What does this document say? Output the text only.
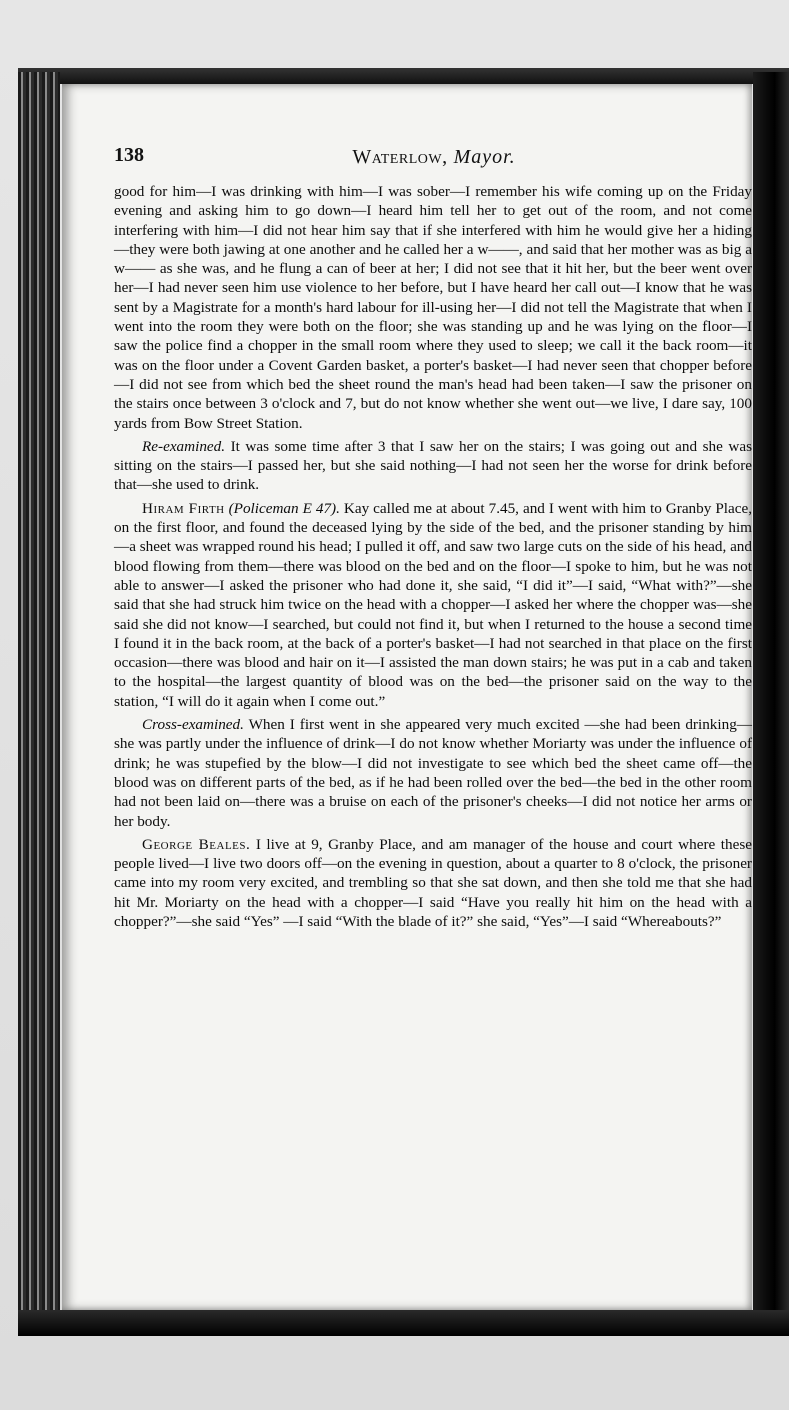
138	Waterlow, Mayor.

good for him—I was drinking with him—I was sober—I remember his wife coming up on the Friday evening and asking him to go down—I heard him tell her to get out of the room, and not come interfering with him—I did not hear him say that if she interfered with him he would give her a hiding —they were both jawing at one another and he called her a w——, and said that her mother was as big a w—— as she was, and he flung a can of beer at her; I did not see that it hit her, but the beer went over her—I had never seen him use violence to her before, but I have heard her call out—I know that he was sent by a Magistrate for a month's hard labour for ill-using her—I did not tell the Magistrate that when I went into the room they were both on the floor; she was standing up and he was lying on the floor—I saw the police find a chopper in the small room where they used to sleep; we call it the back room—it was on the floor under a Covent Garden basket, a porter's basket—I had never seen that chopper before—I did not see from which bed the sheet round the man's head had been taken—I saw the prisoner on the stairs once between 3 o'clock and 7, but do not know whether she went out—we live, I dare say, 100 yards from Bow Street Station.

Re-examined. It was some time after 3 that I saw her on the stairs; I was going out and she was sitting on the stairs—I passed her, but she said nothing—I had not seen her the worse for drink before that—she used to drink.

Hiram Firth (Policeman E 47). Kay called me at about 7.45, and I went with him to Granby Place, on the first floor, and found the deceased lying by the side of the bed, and the prisoner standing by him—a sheet was wrapped round his head; I pulled it off, and saw two large cuts on the side of his head, and blood flowing from them—there was blood on the bed and on the floor—I spoke to him, but he was not able to answer—I asked the prisoner who had done it, she said, “I did it”—I said, “What with?”—she said that she had struck him twice on the head with a chopper—I asked her where the chopper was—she said she did not know—I searched, but could not find it, but when I returned to the house a second time I found it in the back room, at the back of a porter's basket—I had not searched in that place on the first occasion—there was blood and hair on it—I assisted the man down stairs; he was put in a cab and taken to the hospital—the largest quantity of blood was on the bed—the prisoner said on the way to the station, “I will do it again when I come out.”

Cross-examined. When I first went in she appeared very much excited —she had been drinking—she was partly under the influence of drink—I do not know whether Moriarty was under the influence of drink; he was stupefied by the blow—I did not investigate to see which bed the sheet came off—the blood was on different parts of the bed, as if he had been rolled over the bed—the bed in the other room had not been laid on—there was a bruise on each of the prisoner's cheeks—I did not notice her arms or her body.

George Beales. I live at 9, Granby Place, and am manager of the house and court where these people lived—I live two doors off—on the evening in question, about a quarter to 8 o'clock, the prisoner came into my room very excited, and trembling so that she sat down, and then she told me that she had hit Mr. Moriarty on the head with a chopper—I said “Have you really hit him on the head with a chopper?”—she said “Yes” —I said “With the blade of it?” she said, “Yes”—I said “Whereabouts?”
